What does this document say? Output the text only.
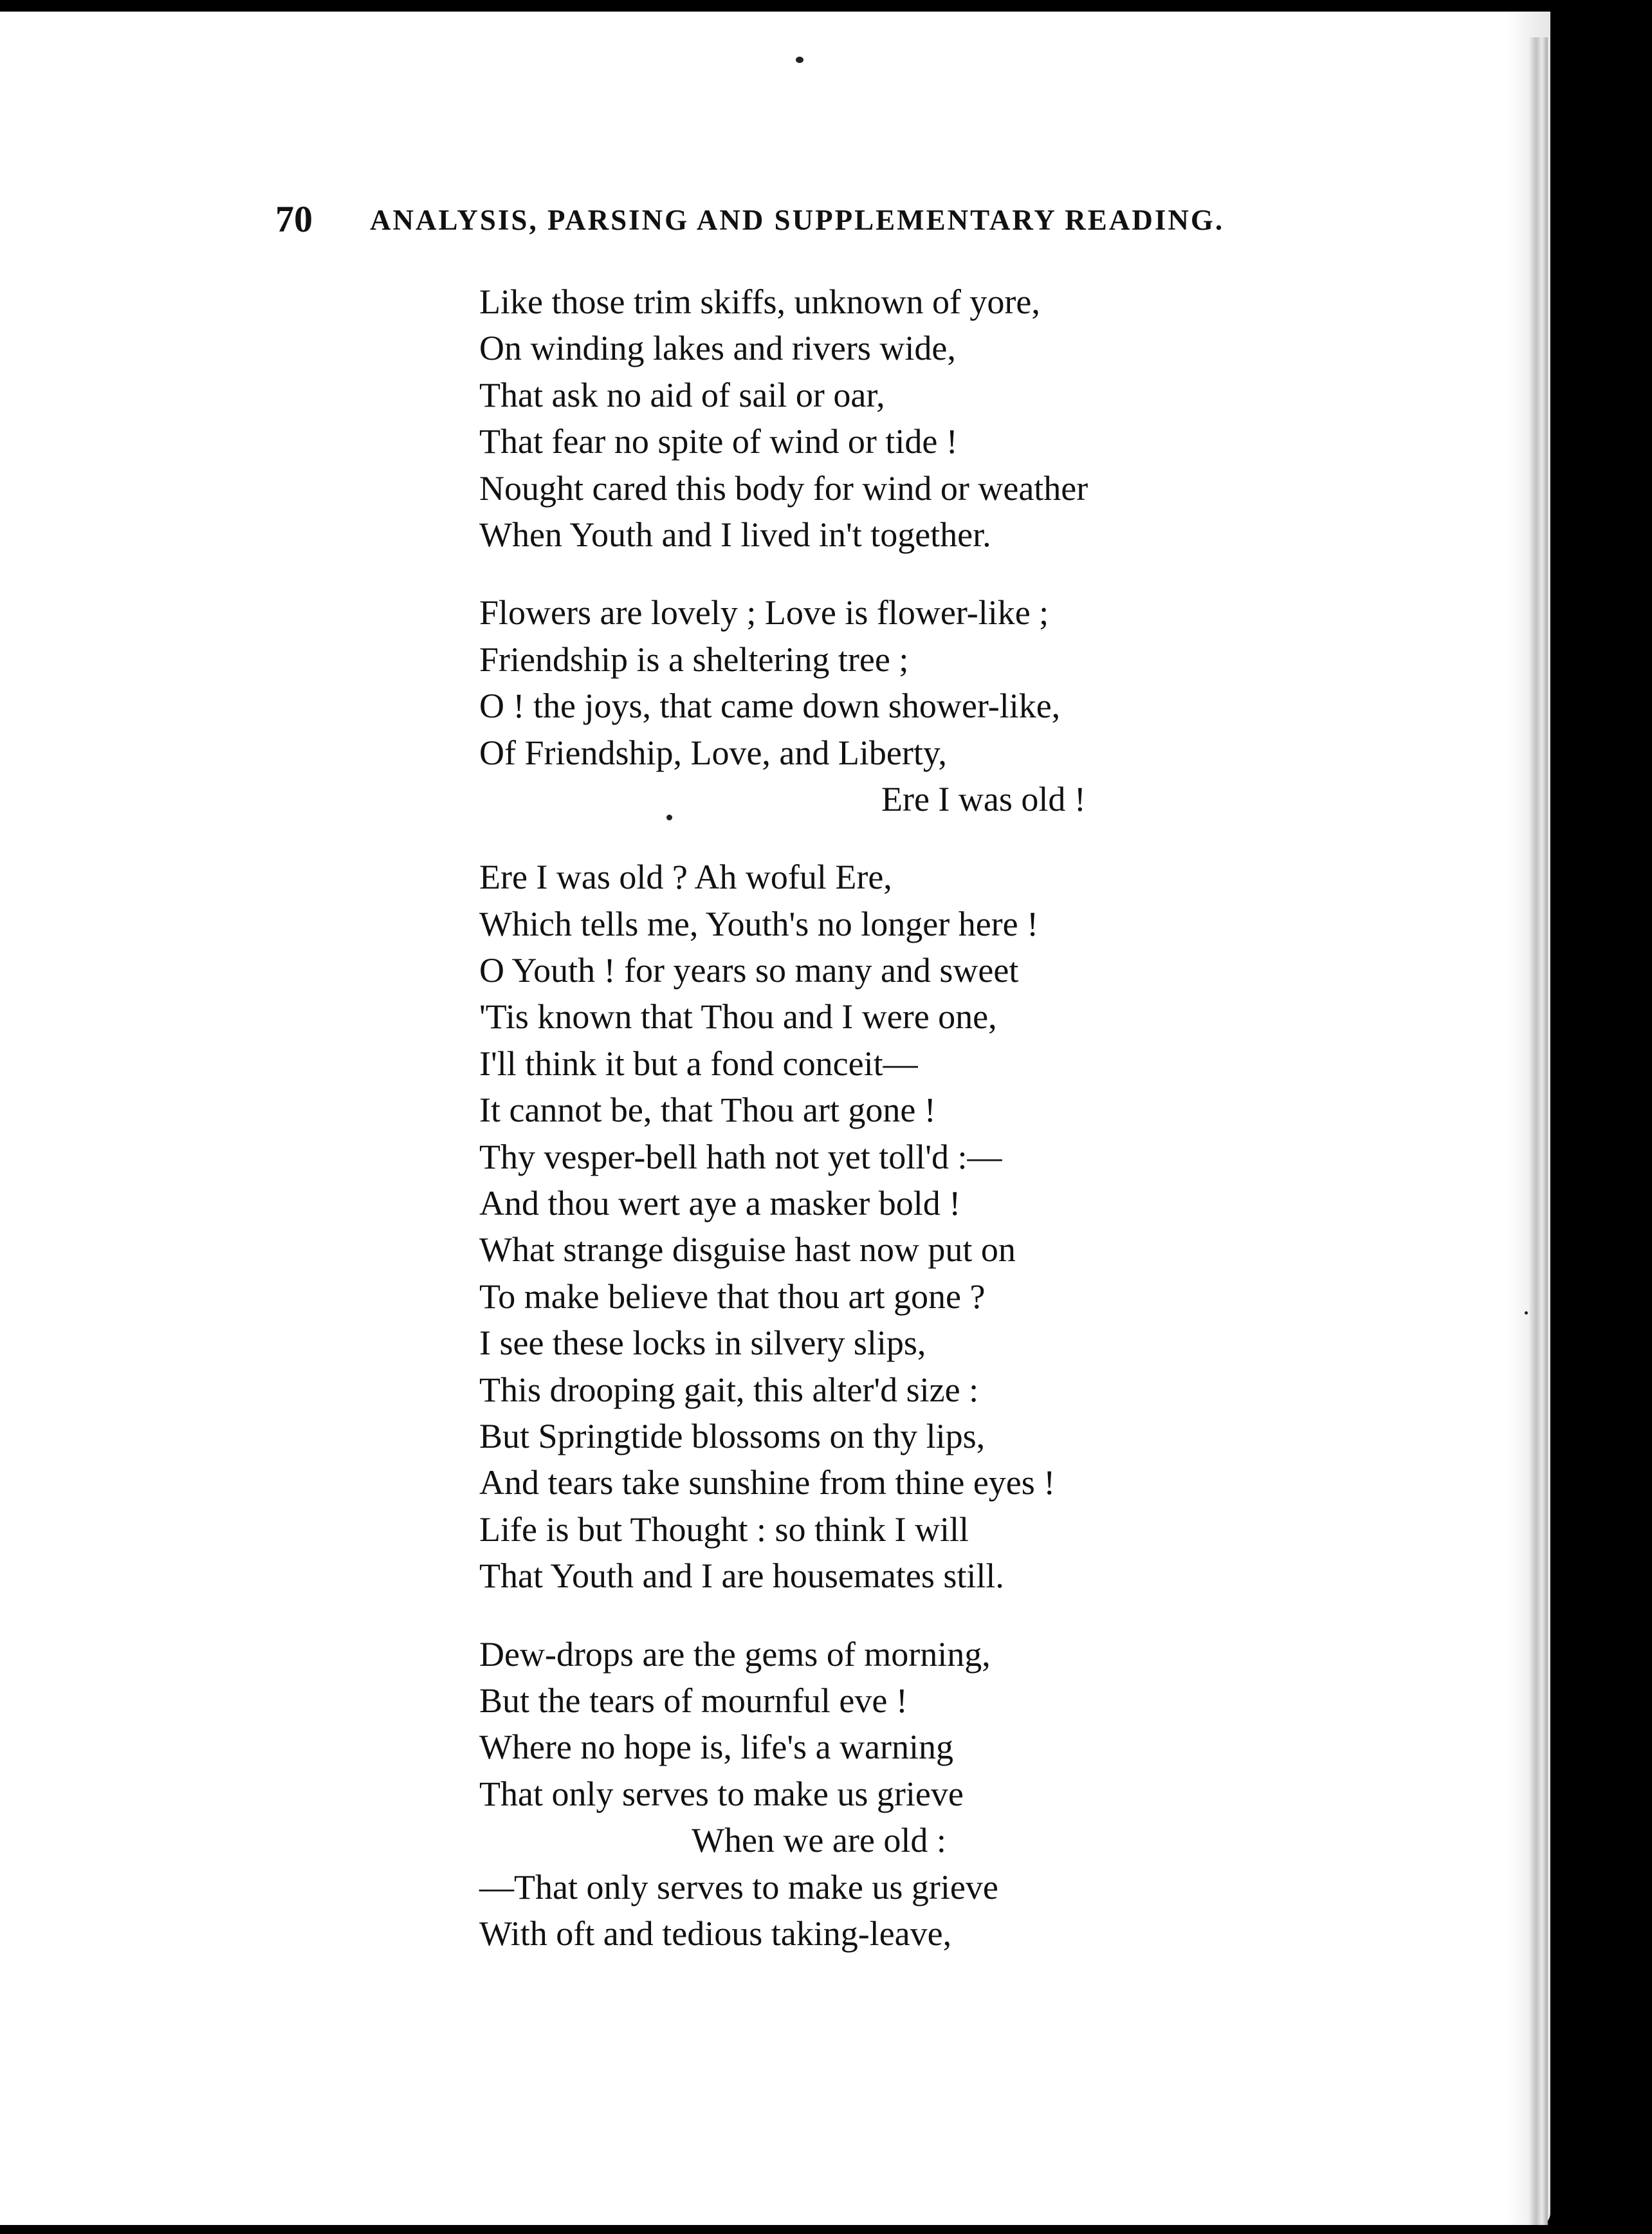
70 ANALYSIS, PARSING AND SUPPLEMENTARY READING.
Like those trim skiffs, unknown of yore,
On winding lakes and rivers wide,
That ask no aid of sail or oar,
That fear no spite of wind or tide !
Nought cared this body for wind or weather
When Youth and I lived in't together.
Flowers are lovely ; Love is flower-like ;
Friendship is a sheltering tree ;
O ! the joys, that came down shower-like,
Of Friendship, Love, and Liberty,
Ere I was old !
Ere I was old ? Ah woful Ere,
Which tells me, Youth's no longer here !
O Youth ! for years so many and sweet
'Tis known that Thou and I were one,
I'll think it but a fond conceit—
It cannot be, that Thou art gone !
Thy vesper-bell hath not yet toll'd :—
And thou wert aye a masker bold !
What strange disguise hast now put on
To make believe that thou art gone ?
I see these locks in silvery slips,
This drooping gait, this alter'd size :
But Springtide blossoms on thy lips,
And tears take sunshine from thine eyes !
Life is but Thought : so think I will
That Youth and I are housemates still.
Dew-drops are the gems of morning,
But the tears of mournful eve !
Where no hope is, life's a warning
That only serves to make us grieve
When we are old :
—That only serves to make us grieve
With oft and tedious taking-leave,
